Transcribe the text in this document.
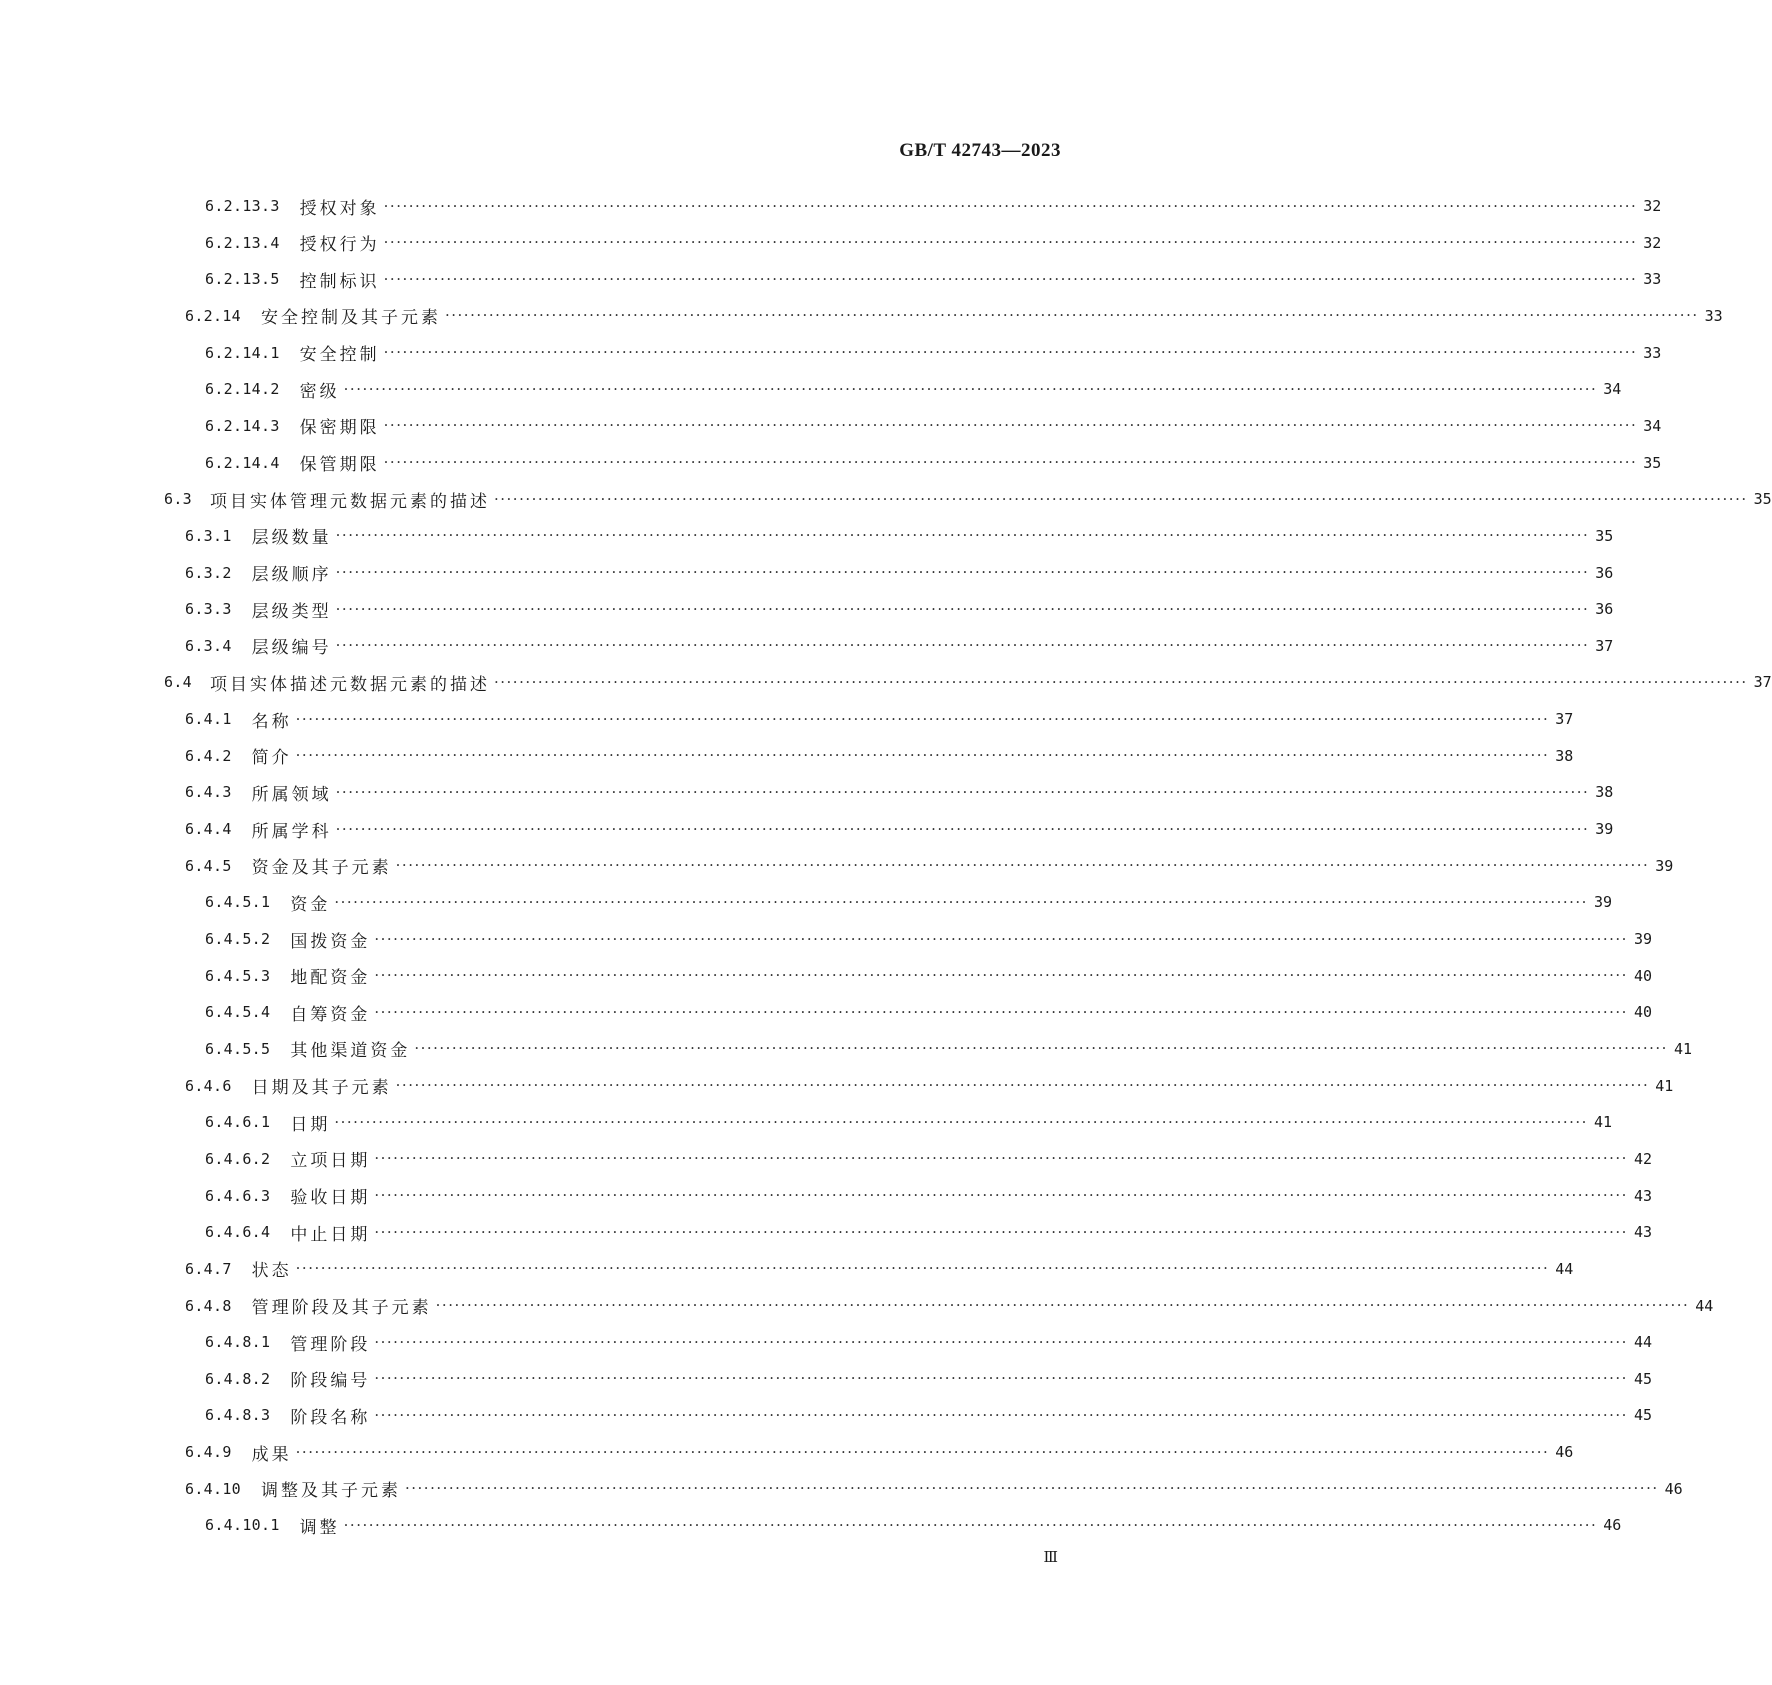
GB/T 42743—2023
6.2.13.3 授权对象 ········································································································································································································ 32
6.2.13.4 授权行为 ········································································································································································································ 32
6.2.13.5 控制标识 ········································································································································································································ 33
6.2.14 安全控制及其子元素 ········································································································································································································ 33
6.2.14.1 安全控制 ········································································································································································································ 33
6.2.14.2 密级 ········································································································································································································ 34
6.2.14.3 保密期限 ········································································································································································································ 34
6.2.14.4 保管期限 ········································································································································································································ 35
6.3 项目实体管理元数据元素的描述 ········································································································································································································ 35
6.3.1 层级数量 ········································································································································································································ 35
6.3.2 层级顺序 ········································································································································································································ 36
6.3.3 层级类型 ········································································································································································································ 36
6.3.4 层级编号 ········································································································································································································ 37
6.4 项目实体描述元数据元素的描述 ········································································································································································································ 37
6.4.1 名称 ········································································································································································································ 37
6.4.2 简介 ········································································································································································································ 38
6.4.3 所属领域 ········································································································································································································ 38
6.4.4 所属学科 ········································································································································································································ 39
6.4.5 资金及其子元素 ········································································································································································································ 39
6.4.5.1 资金 ········································································································································································································ 39
6.4.5.2 国拨资金 ········································································································································································································ 39
6.4.5.3 地配资金 ········································································································································································································ 40
6.4.5.4 自筹资金 ········································································································································································································ 40
6.4.5.5 其他渠道资金 ········································································································································································································ 41
6.4.6 日期及其子元素 ········································································································································································································ 41
6.4.6.1 日期 ········································································································································································································ 41
6.4.6.2 立项日期 ········································································································································································································ 42
6.4.6.3 验收日期 ········································································································································································································ 43
6.4.6.4 中止日期 ········································································································································································································ 43
6.4.7 状态 ········································································································································································································ 44
6.4.8 管理阶段及其子元素 ········································································································································································································ 44
6.4.8.1 管理阶段 ········································································································································································································ 44
6.4.8.2 阶段编号 ········································································································································································································ 45
6.4.8.3 阶段名称 ········································································································································································································ 45
6.4.9 成果 ········································································································································································································ 46
6.4.10 调整及其子元素 ········································································································································································································ 46
6.4.10.1 调整 ········································································································································································································ 46
Ⅲ
